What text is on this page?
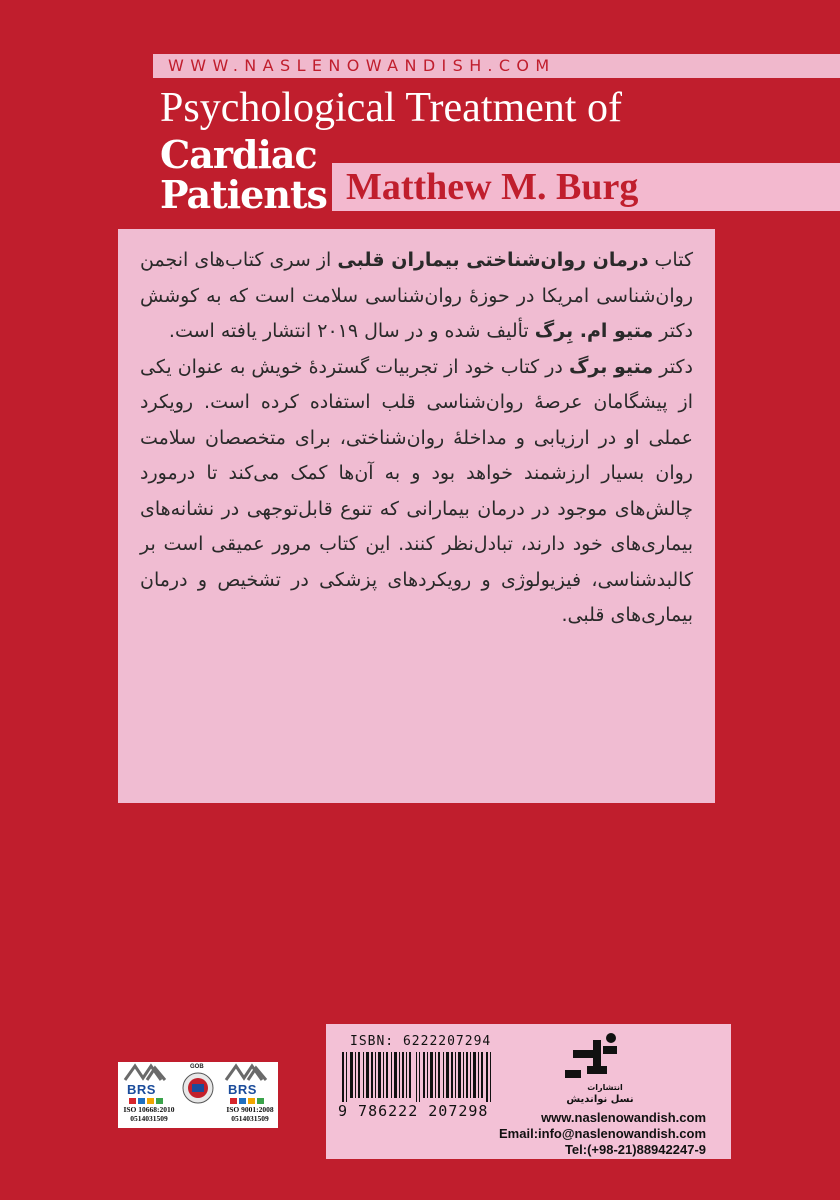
WWW.NASLENOWANDISH.COM
Psychological Treatment of
Cardiac
Patients Matthew M. Burg

کتاب درمان روان‌شناختی بیماران قلبی از سری کتاب‌های انجمن روان‌شناسی امریکا در حوزهٔ روان‌شناسی سلامت است که به کوشش دکتر متیو ام. بِرگ تألیف شده و در سال ۲۰۱۹ انتشار یافته است.

دکتر متیو برگ در کتاب خود از تجربیات گستردهٔ خویش به عنوان یکی از پیشگامان عرصهٔ روان‌شناسی قلب استفاده کرده است. رویکرد عملی او در ارزیابی و مداخلهٔ روان‌شناختی، برای متخصصان سلامت روان بسیار ارزشمند خواهد بود و به آن‌ها کمک می‌کند تا درمورد چالش‌های موجود در درمان بیمارانی که تنوع قابل‌توجهی در نشانه‌های بیماری‌های خود دارند، تبادل‌نظر کنند. این کتاب مرور عمیقی است بر کالبدشناسی، فیزیولوژی و رویکردهای پزشکی در تشخیص و درمان بیماری‌های قلبی.

ISBN: 6222207294
9 786222 207298
انتشارات
نسل نواندیش
www.naslenowandish.com
Email:info@naslenowandish.com
Tel:(+98-21)88942247-9
BRS
ISO 10668:2010
0514031509
GOB
BRS
ISO 9001:2008
0514031509
